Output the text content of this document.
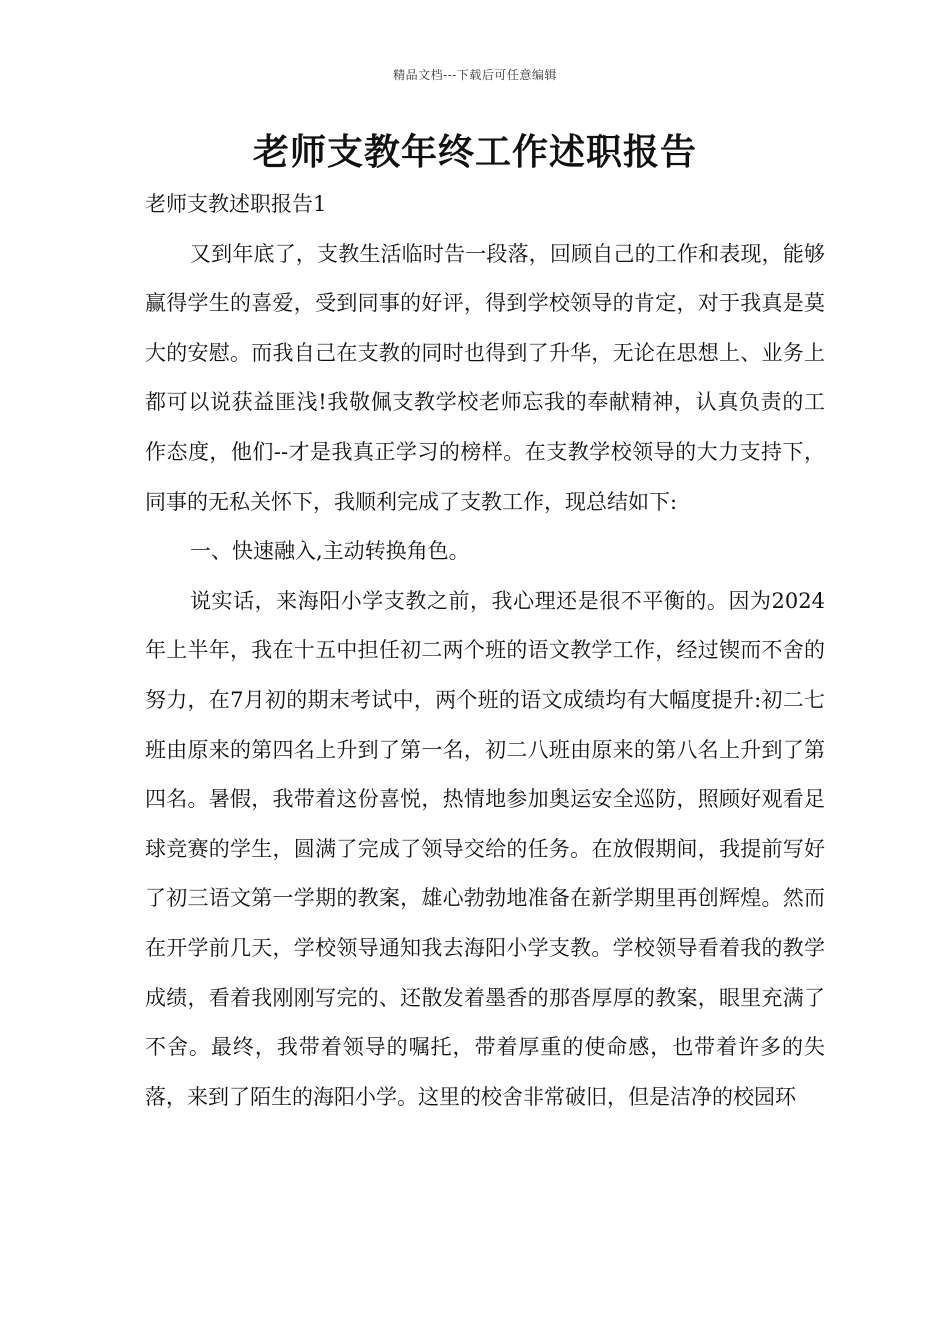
精品文档---下载后可任意编辑
老师支教年终工作述职报告

老师支教述职报告1

又到年底了，支教生活临时告一段落，回顾自己的工作和表现，能够赢得学生的喜爱，受到同事的好评，得到学校领导的肯定，对于我真是莫大的安慰。而我自己在支教的同时也得到了升华，无论在思想上、业务上都可以说获益匪浅!我敬佩支教学校老师忘我的奉献精神，认真负责的工作态度，他们--才是我真正学习的榜样。在支教学校领导的大力支持下，同事的无私关怀下，我顺利完成了支教工作，现总结如下:

一、快速融入,主动转换角色。

说实话，来海阳小学支教之前，我心理还是很不平衡的。因为2024年上半年，我在十五中担任初二两个班的语文教学工作，经过锲而不舍的努力，在7月初的期末考试中，两个班的语文成绩均有大幅度提升:初二七班由原来的第四名上升到了第一名，初二八班由原来的第八名上升到了第四名。暑假，我带着这份喜悦，热情地参加奥运安全巡防，照顾好观看足球竞赛的学生，圆满了完成了领导交给的任务。在放假期间，我提前写好了初三语文第一学期的教案，雄心勃勃地准备在新学期里再创辉煌。然而在开学前几天，学校领导通知我去海阳小学支教。学校领导看着我的教学成绩，看着我刚刚写完的、还散发着墨香的那沓厚厚的教案，眼里充满了不舍。最终，我带着领导的嘱托，带着厚重的使命感，也带着许多的失落，来到了陌生的海阳小学。这里的校舍非常破旧，但是洁净的校园环
